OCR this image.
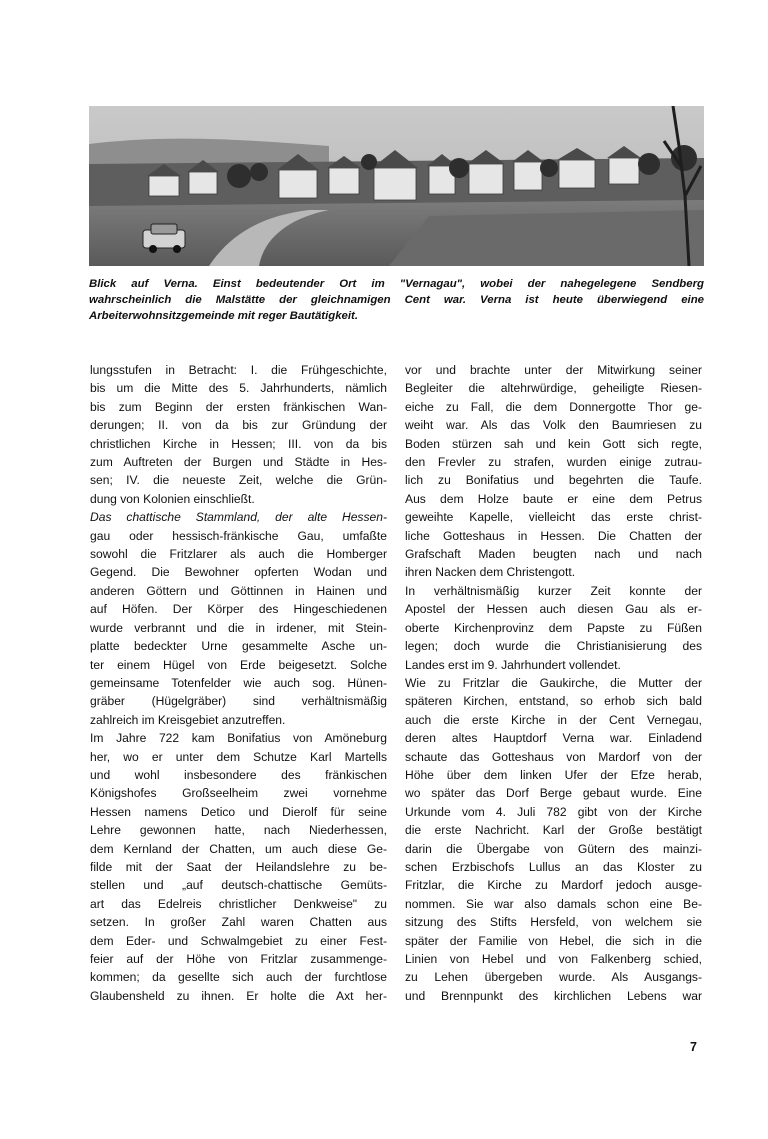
Blick auf Verna. Einst bedeutender Ort im "Vernagau", wobei der nahegelegene Sendberg
wahrscheinlich die Malstätte der gleichnamigen Cent war. Verna ist heute überwiegend eine
Arbeiterwohnsitzgemeinde mit reger Bautätigkeit.
lungsstufen in Betracht: I. die Frühgeschichte,
bis um die Mitte des 5. Jahrhunderts, nämlich
bis zum Beginn der ersten fränkischen Wan-
derungen; II. von da bis zur Gründung der
christlichen Kirche in Hessen; III. von da bis
zum Auftreten der Burgen und Städte in Hes-
sen; IV. die neueste Zeit, welche die Grün-
dung von Kolonien einschließt.
Das chattische Stammland, der alte Hessen-
gau oder hessisch-fränkische Gau, umfaßte
sowohl die Fritzlarer als auch die Homberger
Gegend. Die Bewohner opferten Wodan und
anderen Göttern und Göttinnen in Hainen und
auf Höfen. Der Körper des Hingeschiedenen
wurde verbrannt und die in irdener, mit Stein-
platte bedeckter Urne gesammelte Asche un-
ter einem Hügel von Erde beigesetzt. Solche
gemeinsame Totenfelder wie auch sog. Hünen-
gräber (Hügelgräber) sind verhältnismäßig
zahlreich im Kreisgebiet anzutreffen.
Im Jahre 722 kam Bonifatius von Amöneburg
her, wo er unter dem Schutze Karl Martells
und wohl insbesondere des fränkischen
Königshofes Großseelheim zwei vornehme
Hessen namens Detico und Dierolf für seine
Lehre gewonnen hatte, nach Niederhessen,
dem Kernland der Chatten, um auch diese Ge-
filde mit der Saat der Heilandslehre zu be-
stellen und „auf deutsch-chattische Gemüts-
art das Edelreis christlicher Denkweise" zu
setzen. In großer Zahl waren Chatten aus
dem Eder- und Schwalmgebiet zu einer Fest-
feier auf der Höhe von Fritzlar zusammenge-
kommen; da gesellte sich auch der furchtlose
Glaubensheld zu ihnen. Er holte die Axt her-
vor und brachte unter der Mitwirkung seiner
Begleiter die altehrwürdige, geheiligte Riesen-
eiche zu Fall, die dem Donnergotte Thor ge-
weiht war. Als das Volk den Baumriesen zu
Boden stürzen sah und kein Gott sich regte,
den Frevler zu strafen, wurden einige zutrau-
lich zu Bonifatius und begehrten die Taufe.
Aus dem Holze baute er eine dem Petrus
geweihte Kapelle, vielleicht das erste christ-
liche Gotteshaus in Hessen. Die Chatten der
Grafschaft Maden beugten nach und nach
ihren Nacken dem Christengott.
In verhältnismäßig kurzer Zeit konnte der
Apostel der Hessen auch diesen Gau als er-
oberte Kirchenprovinz dem Papste zu Füßen
legen; doch wurde die Christianisierung des
Landes erst im 9. Jahrhundert vollendet.
Wie zu Fritzlar die Gaukirche, die Mutter der
späteren Kirchen, entstand, so erhob sich bald
auch die erste Kirche in der Cent Vernegau,
deren altes Hauptdorf Verna war. Einladend
schaute das Gotteshaus von Mardorf von der
Höhe über dem linken Ufer der Efze herab,
wo später das Dorf Berge gebaut wurde. Eine
Urkunde vom 4. Juli 782 gibt von der Kirche
die erste Nachricht. Karl der Große bestätigt
darin die Übergabe von Gütern des mainzi-
schen Erzbischofs Lullus an das Kloster zu
Fritzlar, die Kirche zu Mardorf jedoch ausge-
nommen. Sie war also damals schon eine Be-
sitzung des Stifts Hersfeld, von welchem sie
später der Familie von Hebel, die sich in die
Linien von Hebel und von Falkenberg schied,
zu Lehen übergeben wurde. Als Ausgangs-
und Brennpunkt des kirchlichen Lebens war
7
